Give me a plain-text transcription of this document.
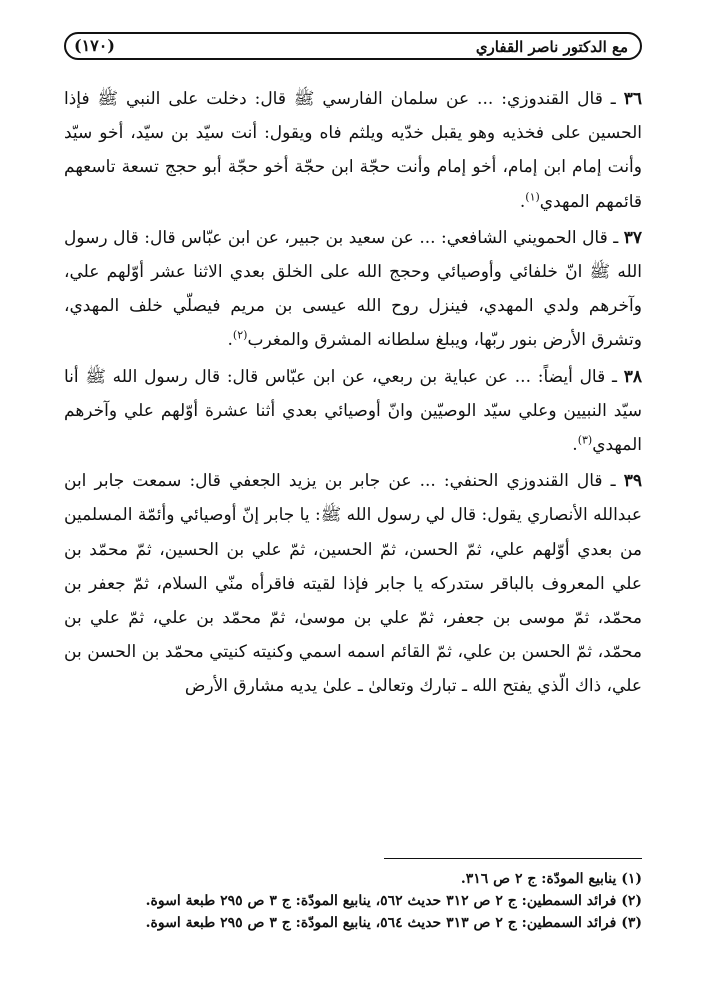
(١٧٠)	مع الدكتور ناصر القفاري

٣٦ ـ قال القندوزي: ... عن سلمان الفارسي ﷺ قال: دخلت على النبي ﷺ فإذا الحسين على فخذيه وهو يقبل خدّيه ويلثم فاه ويقول: أنت سيّد بن سيّد، أخو سيّد وأنت إمام ابن إمام، أخو إمام وأنت حجّة ابن حجّة أخو حجّة أبو حجج تسعة تاسعهم قائمهم المهدي$^{(١)}$.

٣٧ ـ قال الحمويني الشافعي: ... عن سعيد بن جبير، عن ابن عبّاس قال: قال رسول الله ﷺ انّ خلفائي وأوصيائي وحجج الله على الخلق بعدي الاثنا عشر أوّلهم علي، وآخرهم ولدي المهدي، فينزل روح الله عيسى بن مريم فيصلّي خلف المهدي، وتشرق الأرض بنور ربّها، ويبلغ سلطانه المشرق والمغرب$^{(٢)}$.

٣٨ ـ قال أيضاً: ... عن عباية بن ربعي، عن ابن عبّاس قال: قال رسول الله ﷺ أنا سيّد النبيين وعلي سيّد الوصيّين وانّ أوصيائي بعدي أثنا عشرة أوّلهم علي وآخرهم المهدي$^{(٣)}$.

٣٩ ـ قال القندوزي الحنفي: ... عن جابر بن يزيد الجعفي قال: سمعت جابر ابن عبدالله الأنصاري يقول: قال لي رسول الله ﷺ: يا جابر إنّ أوصيائي وأئمّة المسلمين من بعدي أوّلهم علي، ثمّ الحسن، ثمّ الحسين، ثمّ علي بن الحسين، ثمّ محمّد بن علي المعروف بالباقر ستدركه يا جابر فإذا لقيته فاقرأه منّي السلام، ثمّ جعفر بن محمّد، ثمّ موسى بن جعفر، ثمّ علي بن موسىٰ، ثمّ محمّد بن علي، ثمّ علي بن محمّد، ثمّ الحسن بن علي، ثمّ القائم اسمه اسمي وكنيته كنيتي محمّد بن الحسن بن علي، ذاك الّذي يفتح الله ـ تبارك وتعالىٰ ـ علىٰ يديه مشارق الأرض

(١) ينابيع المودّة: ج ٢ ص ٣١٦.
(٢) فرائد السمطين: ج ٢ ص ٣١٢ حديث ٥٦٢، ينابيع المودّة: ج ٣ ص ٢٩٥ طبعة اسوة.
(٣) فرائد السمطين: ج ٢ ص ٣١٣ حديث ٥٦٤، ينابيع المودّة: ج ٣ ص ٢٩٥ طبعة اسوة.
